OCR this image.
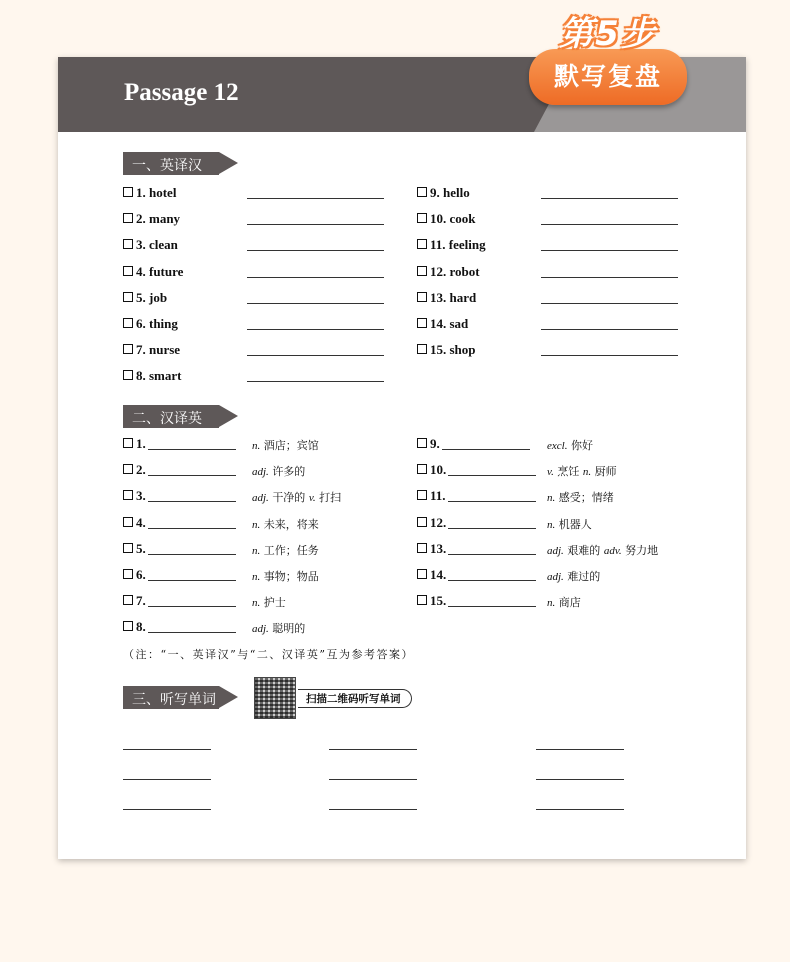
Passage 12
一、英译汉
1. hotel
2. many
3. clean
4. future
5. job
6. thing
7. nurse
8. smart
9. hello
10. cook
11. feeling
12. robot
13. hard
14. sad
15. shop
二、汉译英
1.	n. 酒店；宾馆
2.	adj. 许多的
3.	adj. 干净的 v. 打扫
4.	n. 未来，将来
5.	n. 工作；任务
6.	n. 事物；物品
7.	n. 护士
8.	adj. 聪明的
9.	excl. 你好
10.	v. 烹饪 n. 厨师
11.	n. 感受；情绪
12.	n. 机器人
13.	adj. 艰难的 adv. 努力地
14.	adj. 难过的
15.	n. 商店
（注：“一、英译汉”与“二、汉译英”互为参考答案）
三、听写单词	扫描二维码听写单词
默写复盘
第5步
